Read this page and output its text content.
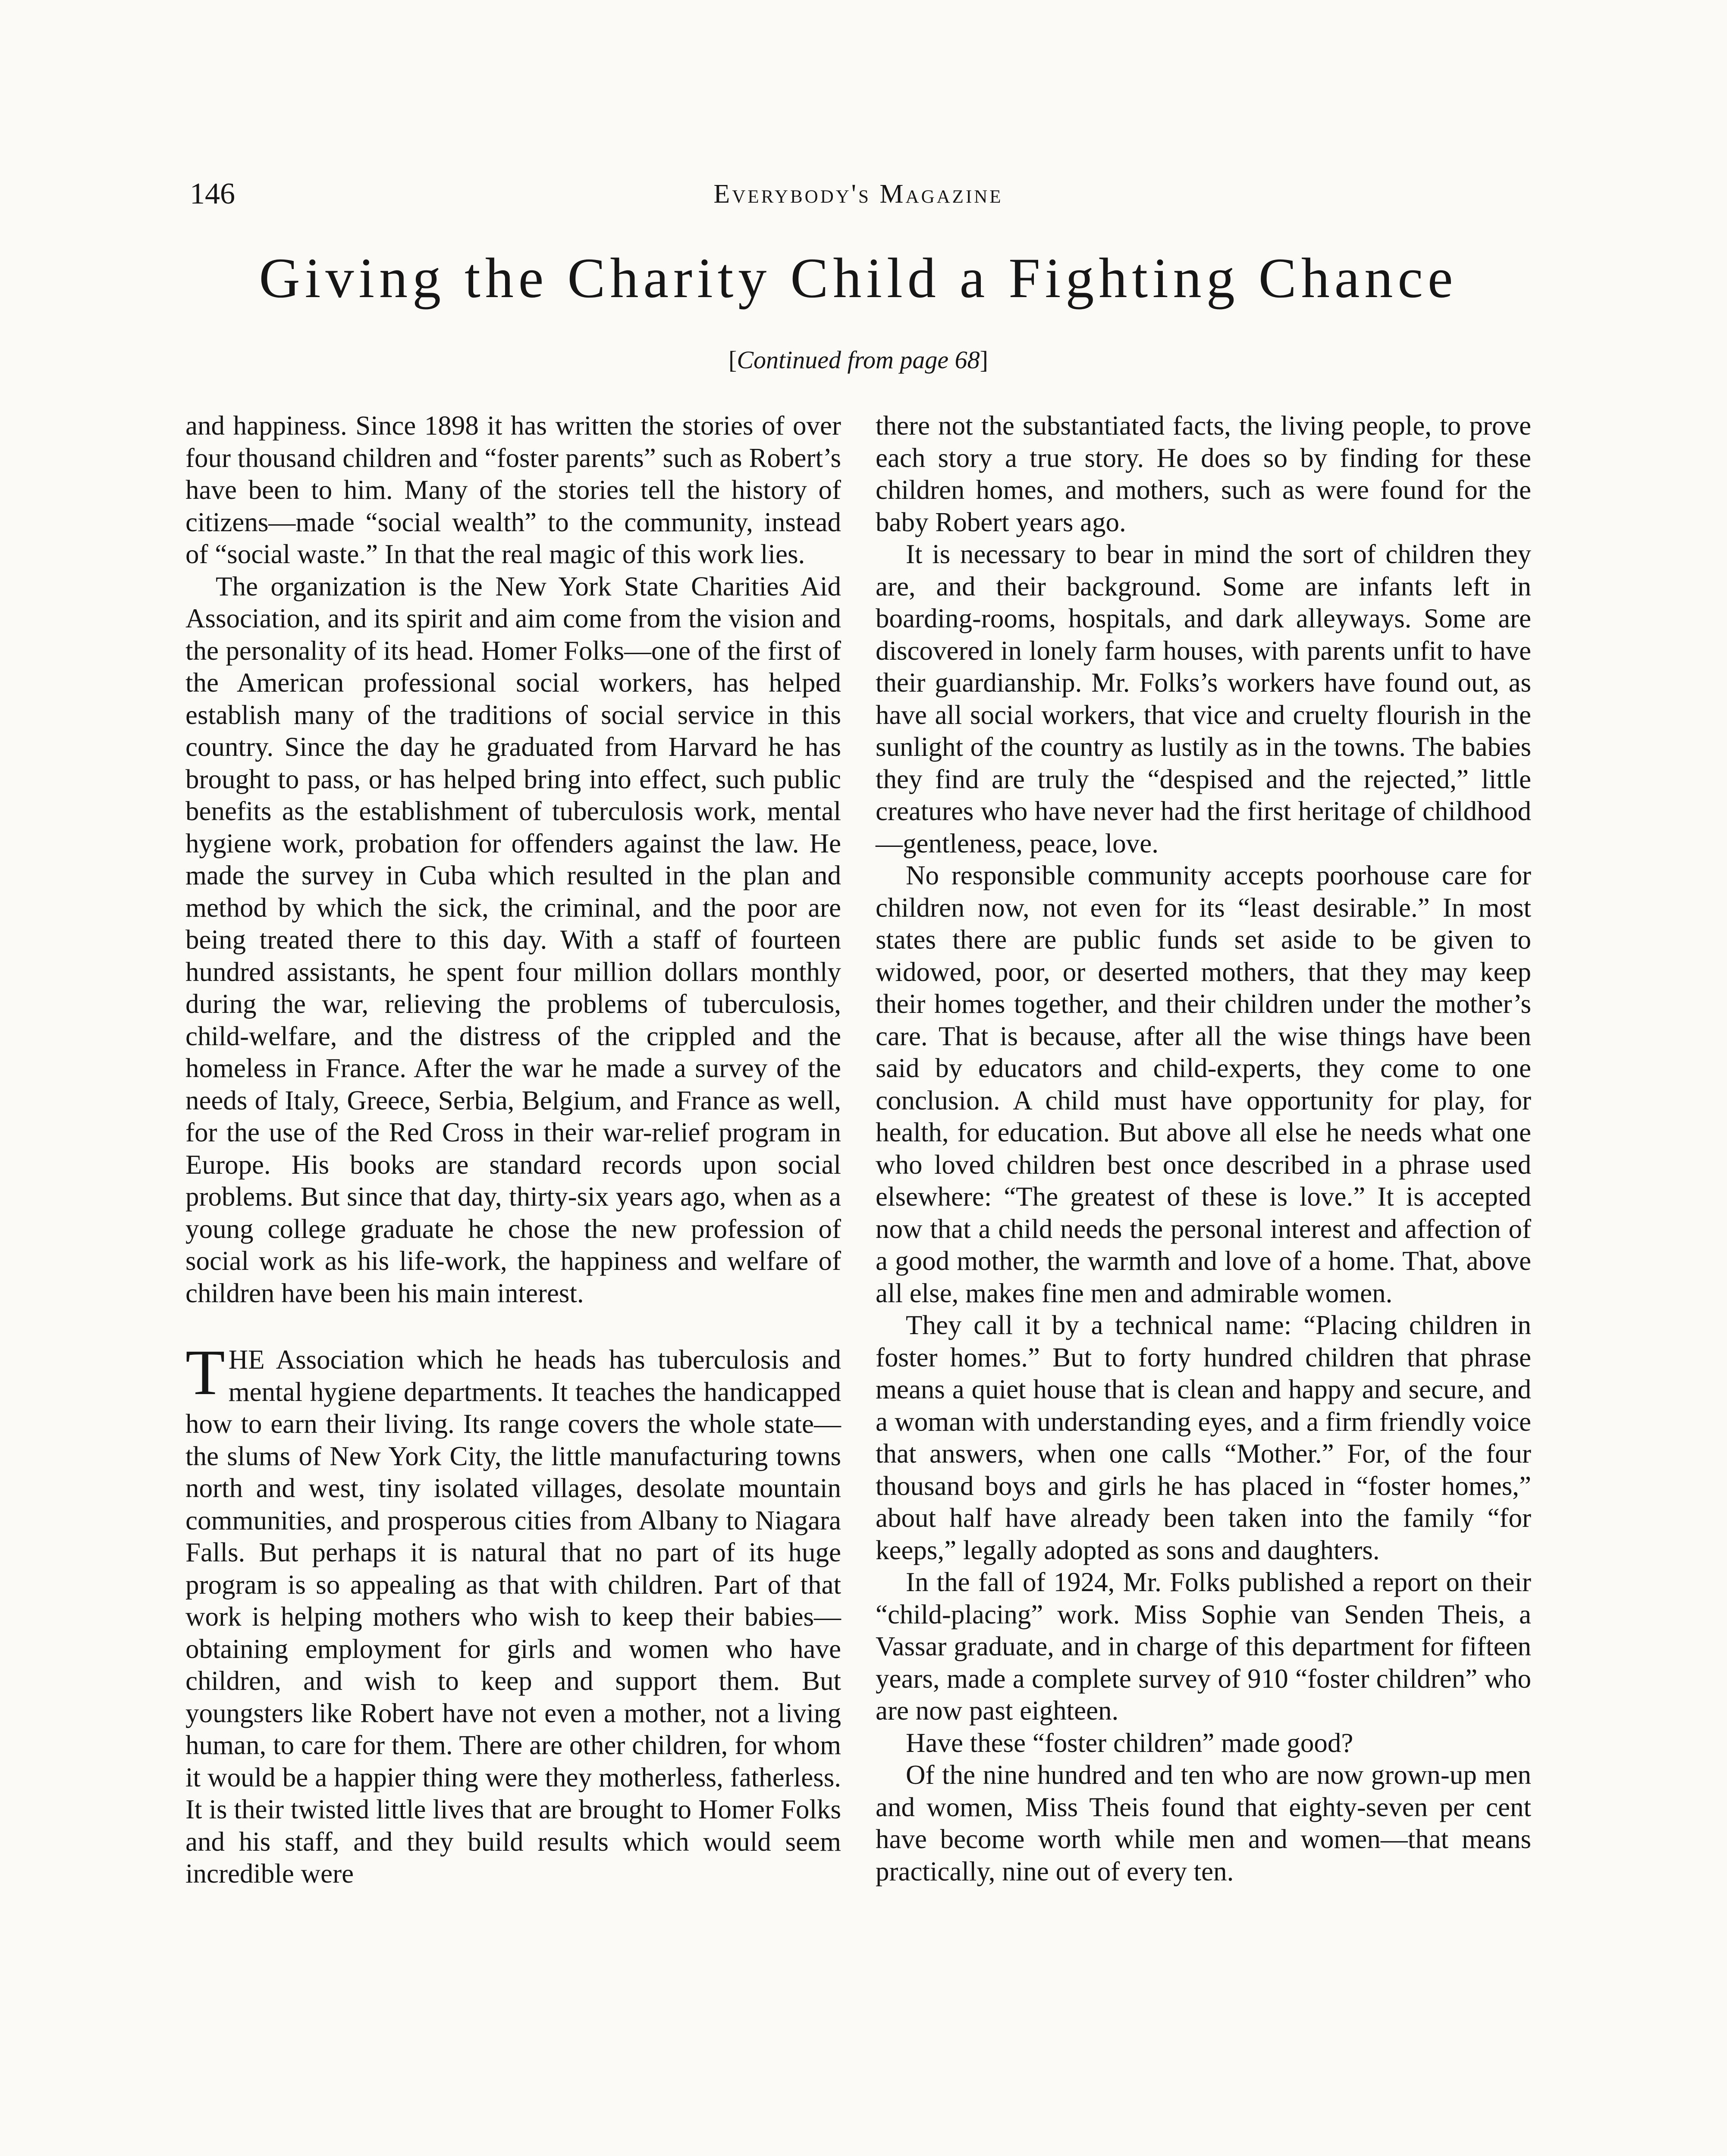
146	Everybody's Magazine
Giving the Charity Child a Fighting Chance
[Continued from page 68]

and happiness. Since 1898 it has written the stories of over four thousand children and “foster parents” such as Robert’s have been to him. Many of the stories tell the history of citizens—made “social wealth” to the community, instead of “social waste.” In that the real magic of this work lies.

The organization is the New York State Charities Aid Association, and its spirit and aim come from the vision and the personality of its head. Homer Folks—one of the first of the American professional social workers, has helped establish many of the traditions of social service in this country. Since the day he graduated from Harvard he has brought to pass, or has helped bring into effect, such public benefits as the establishment of tuberculosis work, mental hygiene work, probation for offenders against the law. He made the survey in Cuba which resulted in the plan and method by which the sick, the criminal, and the poor are being treated there to this day. With a staff of fourteen hundred assistants, he spent four million dollars monthly during the war, relieving the problems of tuberculosis, child-welfare, and the distress of the crippled and the homeless in France. After the war he made a survey of the needs of Italy, Greece, Serbia, Belgium, and France as well, for the use of the Red Cross in their war-relief program in Europe. His books are standard records upon social problems. But since that day, thirty-six years ago, when as a young college graduate he chose the new profession of social work as his life-work, the happiness and welfare of children have been his main interest.

THE Association which he heads has tuberculosis and mental hygiene departments. It teaches the handicapped how to earn their living. Its range covers the whole state—the slums of New York City, the little manufacturing towns north and west, tiny isolated villages, desolate mountain communities, and prosperous cities from Albany to Niagara Falls. But perhaps it is natural that no part of its huge program is so appealing as that with children. Part of that work is helping mothers who wish to keep their babies—obtaining employment for girls and women who have children, and wish to keep and support them. But youngsters like Robert have not even a mother, not a living human, to care for them. There are other children, for whom it would be a happier thing were they motherless, fatherless. It is their twisted little lives that are brought to Homer Folks and his staff, and they build results which would seem incredible were

there not the substantiated facts, the living people, to prove each story a true story. He does so by finding for these children homes, and mothers, such as were found for the baby Robert years ago.

It is necessary to bear in mind the sort of children they are, and their background. Some are infants left in boarding-rooms, hospitals, and dark alleyways. Some are discovered in lonely farm houses, with parents unfit to have their guardianship. Mr. Folks’s workers have found out, as have all social workers, that vice and cruelty flourish in the sunlight of the country as lustily as in the towns. The babies they find are truly the “despised and the rejected,” little creatures who have never had the first heritage of childhood—gentleness, peace, love.

No responsible community accepts poorhouse care for children now, not even for its “least desirable.” In most states there are public funds set aside to be given to widowed, poor, or deserted mothers, that they may keep their homes together, and their children under the mother’s care. That is because, after all the wise things have been said by educators and child-experts, they come to one conclusion. A child must have opportunity for play, for health, for education. But above all else he needs what one who loved children best once described in a phrase used elsewhere: “The greatest of these is love.” It is accepted now that a child needs the personal interest and affection of a good mother, the warmth and love of a home. That, above all else, makes fine men and admirable women.

They call it by a technical name: “Placing children in foster homes.” But to forty hundred children that phrase means a quiet house that is clean and happy and secure, and a woman with understanding eyes, and a firm friendly voice that answers, when one calls “Mother.” For, of the four thousand boys and girls he has placed in “foster homes,” about half have already been taken into the family “for keeps,” legally adopted as sons and daughters.

In the fall of 1924, Mr. Folks published a report on their “child-placing” work. Miss Sophie van Senden Theis, a Vassar graduate, and in charge of this department for fifteen years, made a complete survey of 910 “foster children” who are now past eighteen.

Have these “foster children” made good?

Of the nine hundred and ten who are now grown-up men and women, Miss Theis found that eighty-seven per cent have become worth while men and women—that means practically, nine out of every ten.
